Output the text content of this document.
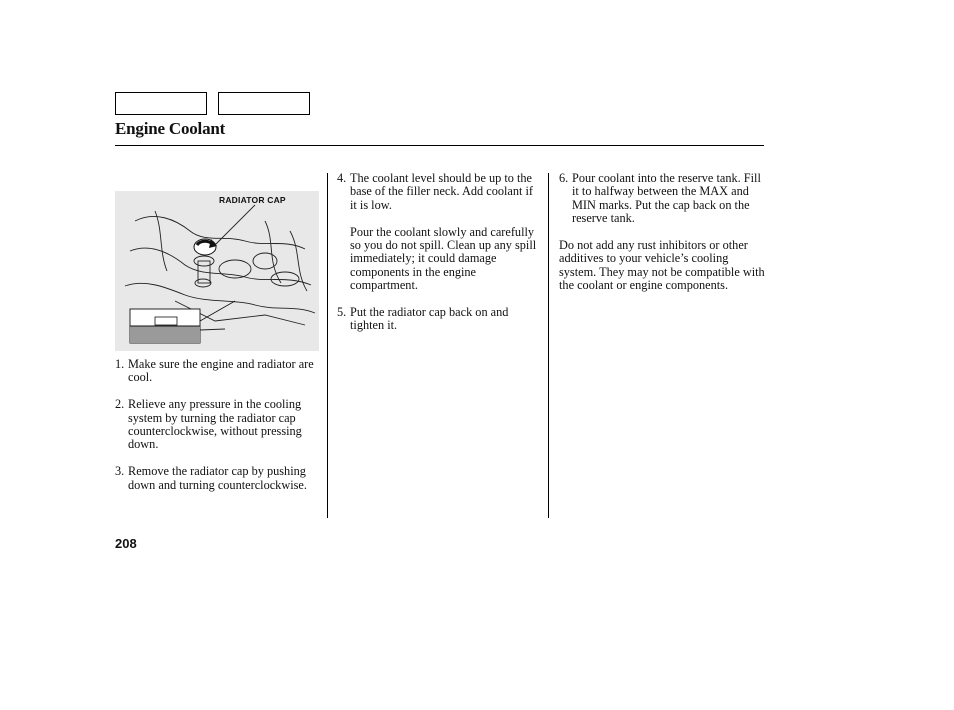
Engine Coolant
RADIATOR CAP
1. Make sure the engine and radiator are cool.
2. Relieve any pressure in the cooling system by turning the radiator cap counterclockwise, without pressing down.
3. Remove the radiator cap by pushing down and turning counterclockwise.
4. The coolant level should be up to the base of the filler neck. Add coolant if it is low.
Pour the coolant slowly and carefully so you do not spill. Clean up any spill immediately; it could damage components in the engine compartment.
5. Put the radiator cap back on and tighten it.
6. Pour coolant into the reserve tank. Fill it to halfway between the MAX and MIN marks. Put the cap back on the reserve tank.
Do not add any rust inhibitors or other additives to your vehicle’s cooling system. They may not be compatible with the coolant or engine components.
208
